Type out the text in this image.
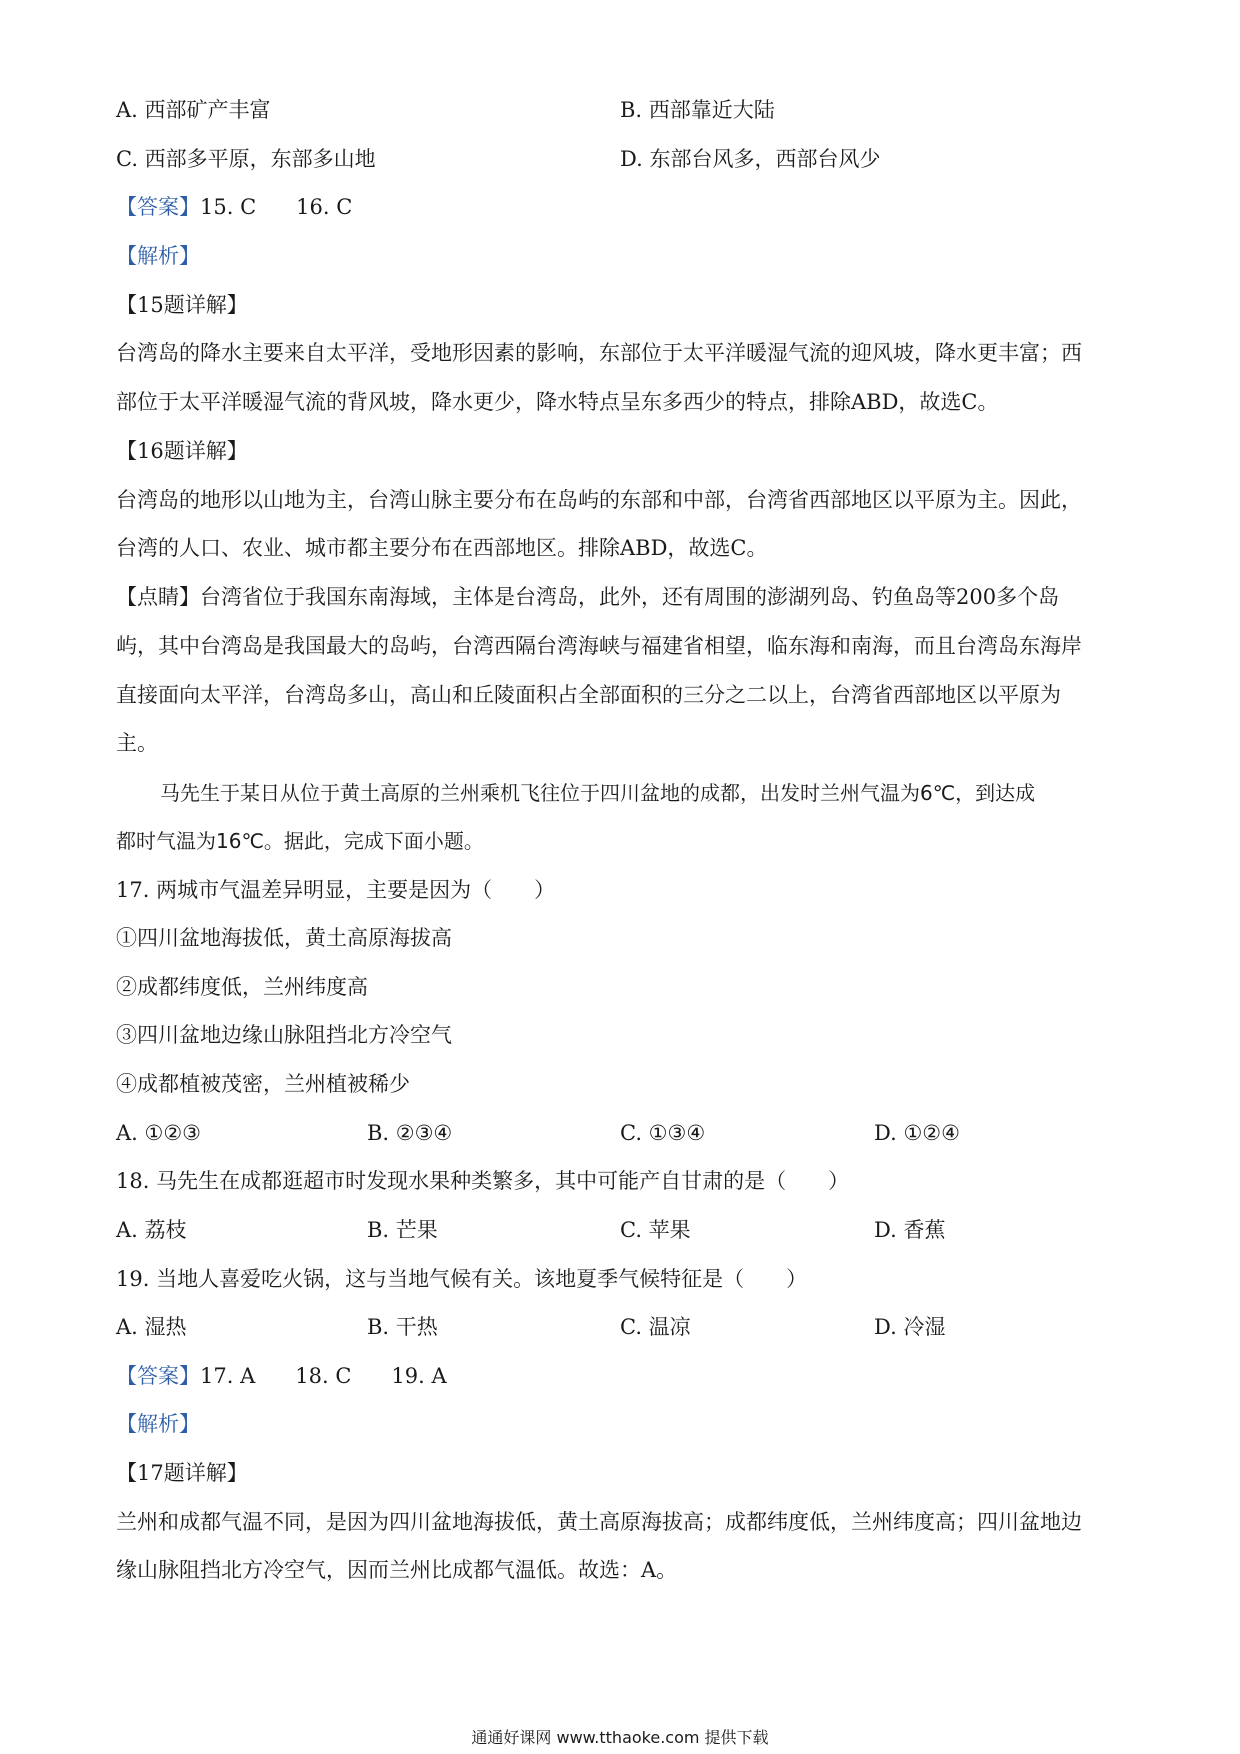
A. 西部矿产丰富	B. 西部靠近大陆
C. 西部多平原，东部多山地	D. 东部台风多，西部台风少
【答案】15. C 16. C
【解析】
【15题详解】
台湾岛的降水主要来自太平洋，受地形因素的影响，东部位于太平洋暖湿气流的迎风坡，降水更丰富；西
部位于太平洋暖湿气流的背风坡，降水更少，降水特点呈东多西少的特点，排除ABD，故选C。
【16题详解】
台湾岛的地形以山地为主，台湾山脉主要分布在岛屿的东部和中部，台湾省西部地区以平原为主。因此，
台湾的人口、农业、城市都主要分布在西部地区。排除ABD，故选C。
【点睛】台湾省位于我国东南海域，主体是台湾岛，此外，还有周围的澎湖列岛、钓鱼岛等200多个岛
屿，其中台湾岛是我国最大的岛屿，台湾西隔台湾海峡与福建省相望，临东海和南海，而且台湾岛东海岸
直接面向太平洋，台湾岛多山，高山和丘陵面积占全部面积的三分之二以上，台湾省西部地区以平原为
主。
马先生于某日从位于黄土高原的兰州乘机飞往位于四川盆地的成都，出发时兰州气温为6℃，到达成
都时气温为16℃。据此，完成下面小题。
17. 两城市气温差异明显，主要是因为（　　）
①四川盆地海拔低，黄土高原海拔高
②成都纬度低，兰州纬度高
③四川盆地边缘山脉阻挡北方冷空气
④成都植被茂密，兰州植被稀少
A. ①②③	B. ②③④	C. ①③④	D. ①②④
18. 马先生在成都逛超市时发现水果种类繁多，其中可能产自甘肃的是（　　）
A. 荔枝	B. 芒果	C. 苹果	D. 香蕉
19. 当地人喜爱吃火锅，这与当地气候有关。该地夏季气候特征是（　　）
A. 湿热	B. 干热	C. 温凉	D. 冷湿
【答案】17. A 18. C 19. A
【解析】
【17题详解】
兰州和成都气温不同，是因为四川盆地海拔低，黄土高原海拔高；成都纬度低，兰州纬度高；四川盆地边
缘山脉阻挡北方冷空气，因而兰州比成都气温低。故选：A。
通通好课网 www.tthaoke.com 提供下载
